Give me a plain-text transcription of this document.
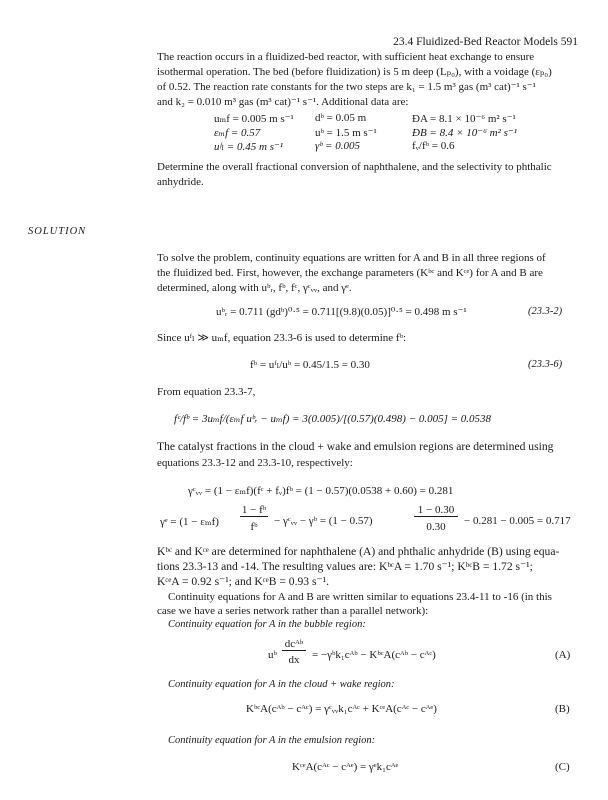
23.4 Fluidized-Bed Reactor Models 591
The reaction occurs in a fluidized-bed reactor, with sufficient heat exchange to ensure
isothermal operation. The bed (before fluidization) is 5 m deep (Lₚ₀), with a voidage (εₚ₀)
of 0.52. The reaction rate constants for the two steps are k₁ = 1.5 m³ gas (m³ cat)⁻¹ s⁻¹
and k₂ = 0.010 m³ gas (m³ cat)⁻¹ s⁻¹. Additional data are:
uₘf = 0.005 m s⁻¹ dᵇ = 0.05 m	ĐA = 8.1 × 10⁻⁶ m² s⁻¹
εₘf = 0.57	uᵇ = 1.5 m s⁻¹	ĐB = 8.4 × 10⁻⁶ m² s⁻¹
uᶠₗ = 0.45 m s⁻¹	γᵇ = 0.005	fᵥ/fᵇ = 0.6
Determine the overall fractional conversion of naphthalene, and the selectivity to phthalic
anhydride.
SOLUTION
To solve the problem, continuity equations are written for A and B in all three regions of
the fluidized bed. First, however, the exchange parameters (Kᵇᶜ and Kᶜᵉ) for A and B are
determined, along with uᵇᵣ, fᵇ, fᶜ, γᶜᵥᵥ, and γᵉ.
uᵇᵣ = 0.711 (gdᵇ)⁰·⁵ = 0.711[(9.8)(0.05)]⁰·⁵ = 0.498 m s⁻¹	(23.3-2)
Since uᶠₗ ≫ uₘf, equation 23.3-6 is used to determine fᵇ:
fᵇ = uᶠₗ/uᵇ = 0.45/1.5 = 0.30	(23.3-6)
From equation 23.3-7,
fᶜ/fᵇ = 3uₘf/(εₘf uᵇᵣ − uₘf) = 3(0.005)/[(0.57)(0.498) − 0.005] = 0.0538
The catalyst fractions in the cloud + wake and emulsion regions are determined using
equations 23.3-12 and 23.3-10, respectively:
γᶜᵥᵥ = (1 − εₘf)(fᶜ + fᵥ)fᵇ = (1 − 0.57)(0.0538 + 0.60) = 0.281
γᵉ = (1 − εₘf)
1 − fᵇ
fᵇ	− γᶜᵥᵥ − γᵇ = (1 − 0.57)
1 − 0.30
0.30	− 0.281 − 0.005 = 0.717
Kᵇᶜ and Kᶜᵉ are determined for naphthalene (A) and phthalic anhydride (B) using equa-
tions 23.3-13 and -14. The resulting values are: KᵇᶜA = 1.70 s⁻¹; KᵇᶜB = 1.72 s⁻¹;
KᶜᵉA = 0.92 s⁻¹; and KᶜᵉB = 0.93 s⁻¹.
Continuity equations for A and B are written similar to equations 23.4-11 to -16 (in this
case we have a series network rather than a parallel network):
Continuity equation for A in the bubble region:
uᵇ
dcᴬᵇ
dx	= −γᵇk₁cᴬᵇ − KᵇᶜA(cᴬᵇ − cᴬᶜ)	(A)
Continuity equation for A in the cloud + wake region:
KᵇᶜA(cᴬᵇ − cᴬᶜ) = γᶜᵥᵥk₁cᴬᶜ + KᶜᵉA(cᴬᶜ − cᴬᵉ)	(B)
Continuity equation for A in the emulsion region:
KᶜᵉA(cᴬᶜ − cᴬᵉ) = γᵉk₁cᴬᵉ	(C)
